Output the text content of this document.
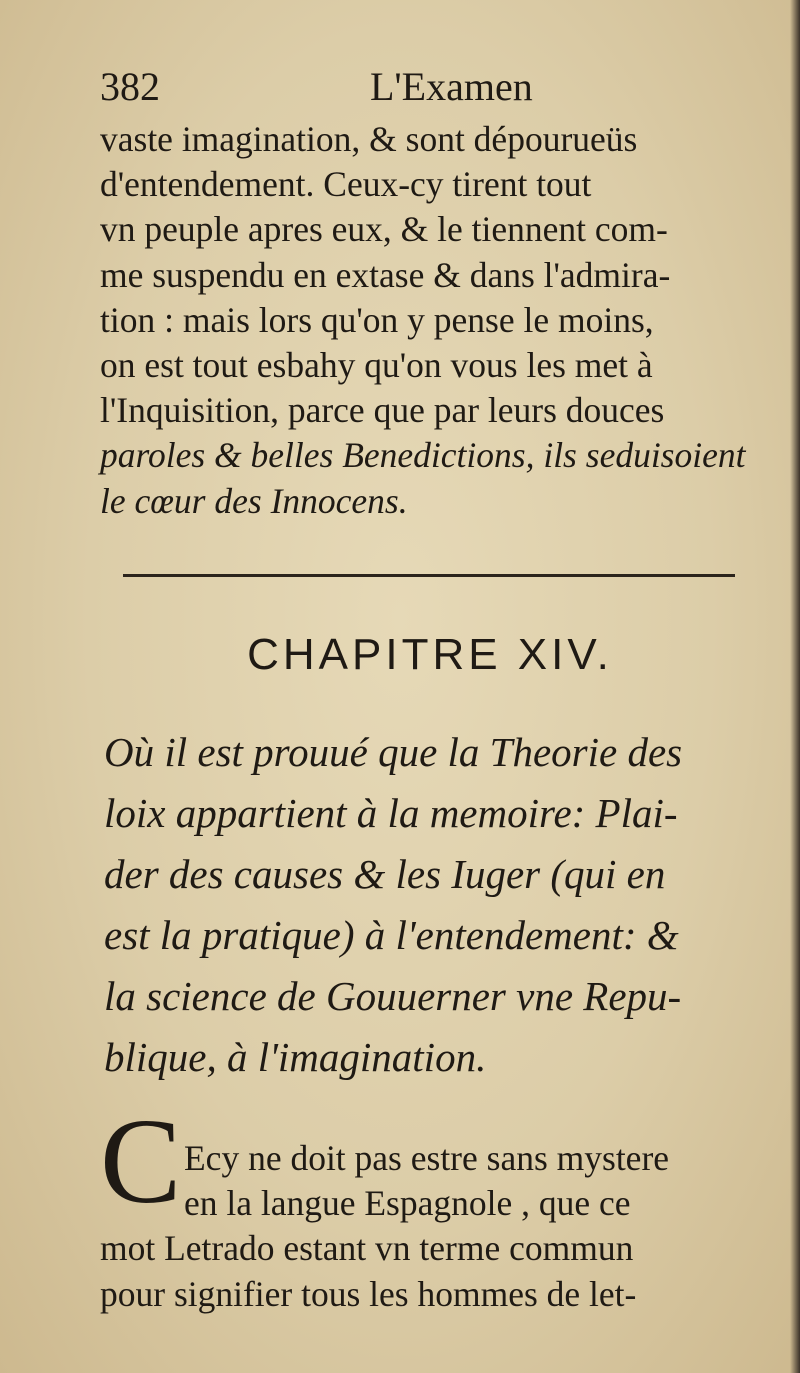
382	L'Examen
vaste imagination, & sont dépourueüs
d'entendement. Ceux-cy tirent tout
vn peuple apres eux, & le tiennent com-
me suspendu en extase & dans l'admira-
tion : mais lors qu'on y pense le moins,
on est tout esbahy qu'on vous les met à
l'Inquisition, parce que par leurs douces
paroles & belles Benedictions, ils seduisoient
le cœur des Innocens.
CHAPITRE XIV.
Où il est prouué que la Theorie des
loix appartient à la memoire: Plai-
der des causes & les Iuger (qui en
est la pratique) à l'entendement: &
la science de Gouuerner vne Repu-
blique, à l'imagination.
C Ecy ne doit pas estre sans mystere
en la langue Espagnole , que ce
mot Letrado estant vn terme commun
pour signifier tous les hommes de let-
